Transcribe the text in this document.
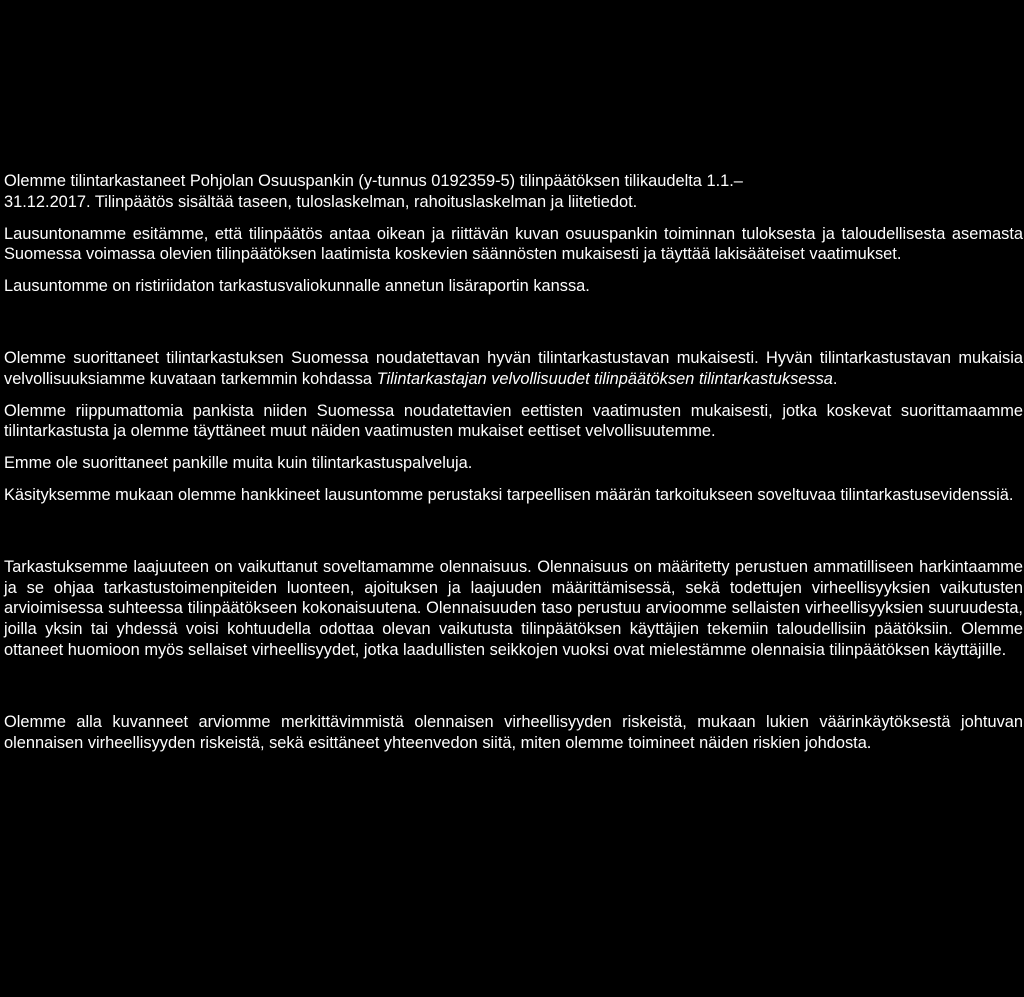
Olemme tilintarkastaneet Pohjolan Osuuspankin (y-tunnus 0192359-5) tilinpäätöksen tilikaudelta 1.1.–
31.12.2017. Tilinpäätös sisältää taseen, tuloslaskelman, rahoituslaskelman ja liitetiedot.

Lausuntonamme esitämme, että tilinpäätös antaa oikean ja riittävän kuvan osuuspankin toiminnan tuloksesta ja taloudellisesta asemasta Suomessa voimassa olevien tilinpäätöksen laatimista koskevien säännösten mukaisesti ja täyttää lakisääteiset vaatimukset.

Lausuntomme on ristiriidaton tarkastusvaliokunnalle annetun lisäraportin kanssa.

Olemme suorittaneet tilintarkastuksen Suomessa noudatettavan hyvän tilintarkastustavan mukaisesti. Hyvän tilintarkastustavan mukaisia velvollisuuksiamme kuvataan tarkemmin kohdassa Tilintarkastajan velvollisuudet tilinpäätöksen tilintarkastuksessa.

Olemme riippumattomia pankista niiden Suomessa noudatettavien eettisten vaatimusten mukaisesti, jotka koskevat suorittamaamme tilintarkastusta ja olemme täyttäneet muut näiden vaatimusten mukaiset eettiset velvollisuutemme.

Emme ole suorittaneet pankille muita kuin tilintarkastuspalveluja.

Käsityksemme mukaan olemme hankkineet lausuntomme perustaksi tarpeellisen määrän tarkoitukseen soveltuvaa tilintarkastusevidenssiä.

Tarkastuksemme laajuuteen on vaikuttanut soveltamamme olennaisuus. Olennaisuus on määritetty perustuen ammatilliseen harkintaamme ja se ohjaa tarkastustoimenpiteiden luonteen, ajoituksen ja laajuuden määrittämisessä, sekä todettujen virheellisyyksien vaikutusten arvioimisessa suhteessa tilinpäätökseen kokonaisuutena. Olennaisuuden taso perustuu arvioomme sellaisten virheellisyyksien suuruudesta, joilla yksin tai yhdessä voisi kohtuudella odottaa olevan vaikutusta tilinpäätöksen käyttäjien tekemiin taloudellisiin päätöksiin. Olemme ottaneet huomioon myös sellaiset virheellisyydet, jotka laadullisten seikkojen vuoksi ovat mielestämme olennaisia tilinpäätöksen käyttäjille.

Olemme alla kuvanneet arviomme merkittävimmistä olennaisen virheellisyyden riskeistä, mukaan lukien väärinkäytöksestä johtuvan olennaisen virheellisyyden riskeistä, sekä esittäneet yhteenvedon siitä, miten olemme toimineet näiden riskien johdosta.
